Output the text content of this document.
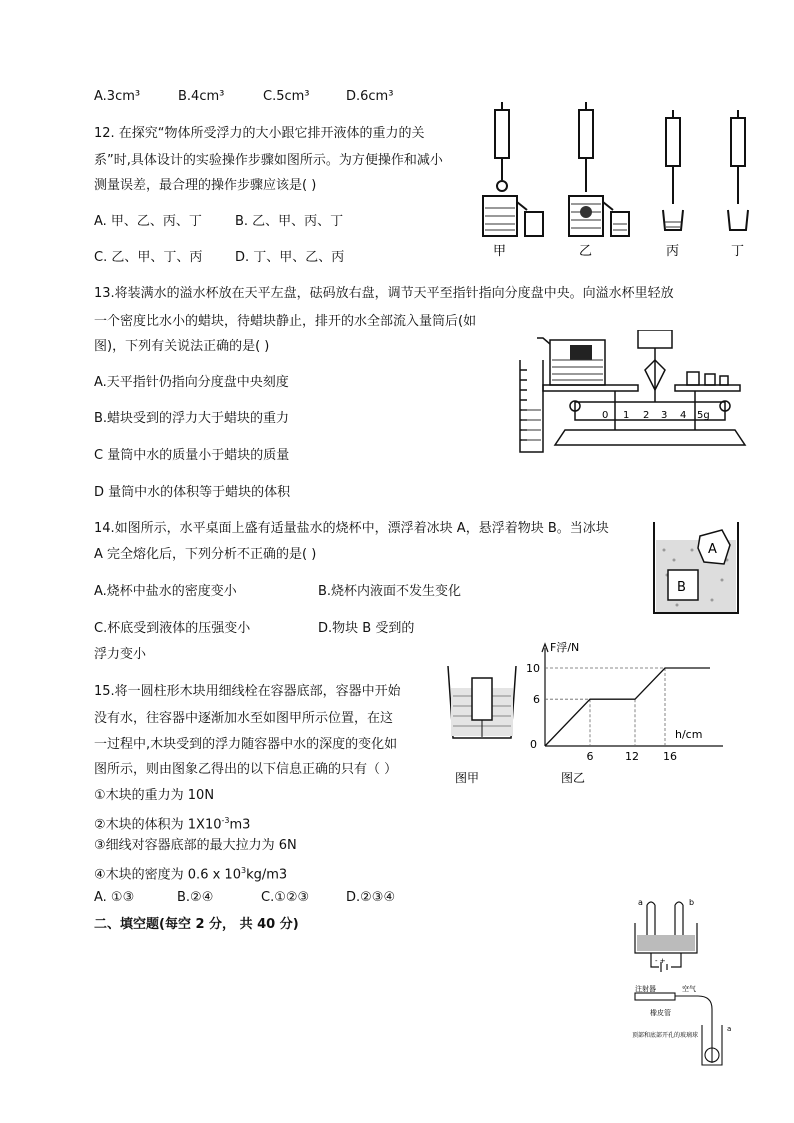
A.3cm³	B.4cm³	C.5cm³	D.6cm³
12. 在探究“物体所受浮力的大小跟它排开液体的重力的关
系”时,具体设计的实验操作步骤如图所示。为方便操作和减小
测量误差，最合理的操作步骤应该是( )
A. 甲、乙、丙、丁	B. 乙、甲、丙、丁
C. 乙、甲、丁、丙	D. 丁、甲、乙、丙	甲	乙	丙	丁
13.将装满水的溢水杯放在天平左盘，砝码放右盘，调节天平至指针指向分度盘中央。向溢水杯里轻放
一个密度比水小的蜡块，待蜡块静止，排开的水全部流入量筒后(如
图)，下列有关说法正确的是( )
A.天平指针仍指向分度盘中央刻度
B.蜡块受到的浮力大于蜡块的重力
C 量筒中水的质量小于蜡块的质量
D 量筒中水的体积等于蜡块的体积
0 1 2 3 4 5g
14.如图所示，水平桌面上盛有适量盐水的烧杯中，漂浮着冰块 A，悬浮着物块 B。当冰块
A 完全熔化后，下列分析不正确的是( )
A.烧杯中盐水的密度变小	B.烧杯内液面不发生变化
C.杯底受到液体的压强变小	D.物块 B 受到的
浮力变小
A
B
15.将一圆柱形木块用细线栓在容器底部，容器中开始
没有水，往容器中逐渐加水至如图甲所示位置，在这
一过程中,木块受到的浮力随容器中水的深度的变化如
图所示，则由图象乙得出的以下信息正确的只有（ ）
①木块的重力为 10N
②木块的体积为 $1X10^{-3}m3$
③细线对容器底部的最大拉力为 6N
④木块的密度为 0.6 x $10^3kg/m3$
A. ①③	B.②④	C.①②③	D.②③④
图甲
F浮/N
h/cm
10
6
0
6	12 16
图乙
二、填空题(每空 2 分， 共 40 分)
a	b
- +
注射器	空气
橡皮管
顶部和底部开孔的玻璃球
a
